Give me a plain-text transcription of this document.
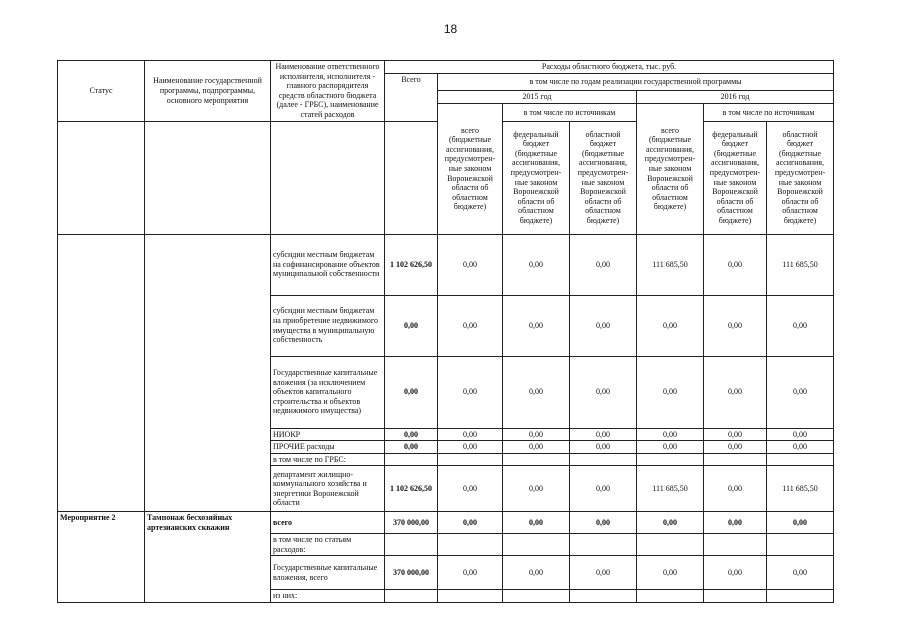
18
Статус	Наименование государственной программы, подпрограммы, основного мероприятия	Наименование ответственного исполнителя, исполнителя - главного распорядителя средств областного бюджета (далее - ГРБС), наименование статей расходов	Расходы областного бюджета, тыс. руб.						
			Всего	в том числе по годам реализации государственной программы					
				2015 год			2016 год		
				всего (бюджетные ассигнования, предусмотрен-ные законом Воронежской области об областном бюджете)	в том числе по источникам		всего (бюджетные ассигнования, предусмотрен-ные законом Воронежской области об областном бюджете)	в том числе по источникам	
					федеральный бюджет (бюджетные ассигнования, предусмотрен-ные законом Воронежской области об областном бюджете)	областной бюджет (бюджетные ассигнования, предусмотрен-ные законом Воронежской области об областном бюджете)		федеральный бюджет (бюджетные ассигнования, предусмотрен-ные законом Воронежской области об областном бюджете)	областной бюджет (бюджетные ассигнования, предусмотрен-ные законом Воронежской области об областном бюджете)
		субсидии местным бюджетам на софинансирование объектов муниципальной собственности	1 102 626,50	0,00	0,00	0,00	111 685,50	0,00	111 685,50
		субсидии местным бюджетам на приобретение недвижимого имущества в муниципальную собственность	0,00	0,00	0,00	0,00	0,00	0,00	0,00
		Государственные капитальные вложения (за исключением объектов капитального строительства и объектов недвижимого имущества)	0,00	0,00	0,00	0,00	0,00	0,00	0,00
		НИОКР	0,00	0,00	0,00	0,00	0,00	0,00	0,00
		ПРОЧИЕ расходы	0,00	0,00	0,00	0,00	0,00	0,00	0,00
		в том числе по ГРБС:							
		департамент жилищно-коммунального хозяйства и энергетики Воронежской области	1 102 626,50	0,00	0,00	0,00	111 685,50	0,00	111 685,50
Мероприятие 2	Тампонаж бесхозяйных артезианских скважин	всего	370 000,00	0,00	0,00	0,00	0,00	0,00	0,00
		в том числе по статьям расходов:							
		Государственные капитальные вложения, всего	370 000,00	0,00	0,00	0,00	0,00	0,00	0,00
		из них:							
